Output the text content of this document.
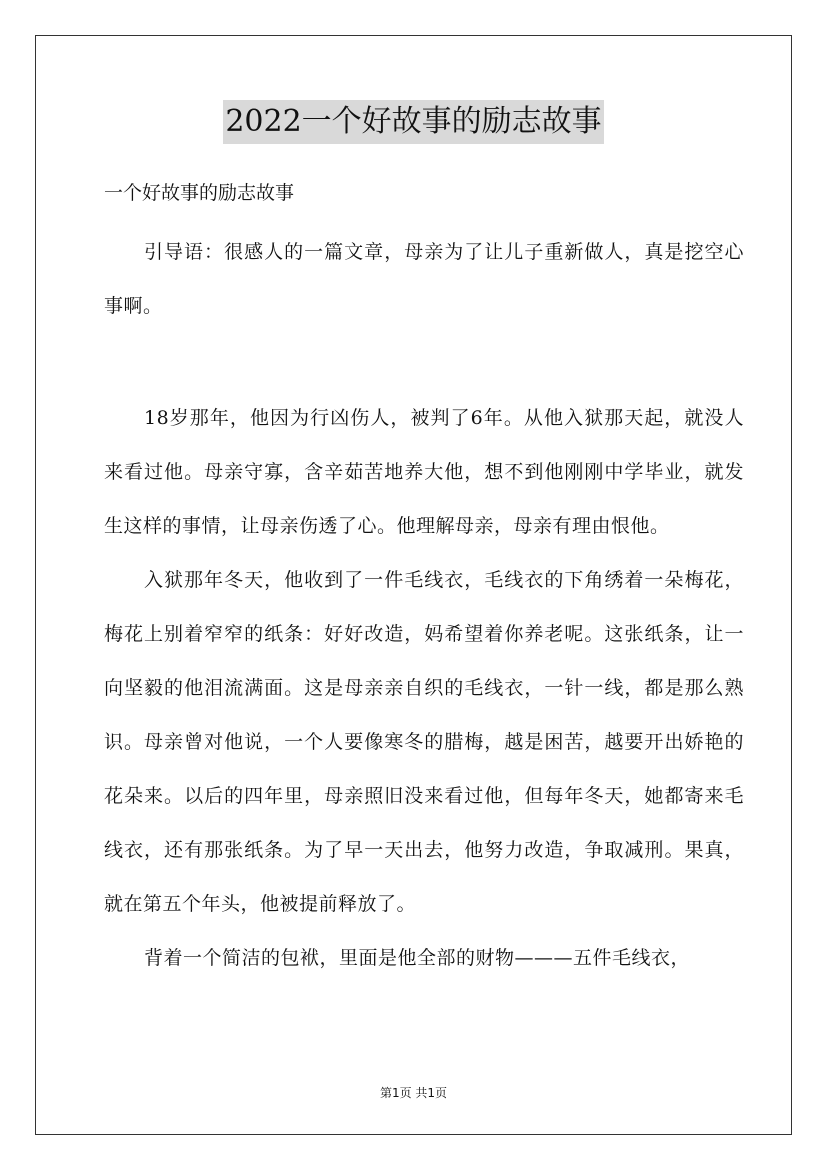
2022一个好故事的励志故事
一个好故事的励志故事

引导语：很感人的一篇文章，母亲为了让儿子重新做人，真是挖空心事啊。

18岁那年，他因为行凶伤人，被判了6年。从他入狱那天起，就没人来看过他。母亲守寡，含辛茹苦地养大他，想不到他刚刚中学毕业，就发生这样的事情，让母亲伤透了心。他理解母亲，母亲有理由恨他。

入狱那年冬天，他收到了一件毛线衣，毛线衣的下角绣着一朵梅花，梅花上别着窄窄的纸条：好好改造，妈希望着你养老呢。这张纸条，让一向坚毅的他泪流满面。这是母亲亲自织的毛线衣，一针一线，都是那么熟识。母亲曾对他说，一个人要像寒冬的腊梅，越是困苦，越要开出娇艳的花朵来。以后的四年里，母亲照旧没来看过他，但每年冬天，她都寄来毛线衣，还有那张纸条。为了早一天出去，他努力改造，争取减刑。果真，就在第五个年头，他被提前释放了。

背着一个简洁的包袱，里面是他全部的财物———五件毛线衣，

第1页 共1页
